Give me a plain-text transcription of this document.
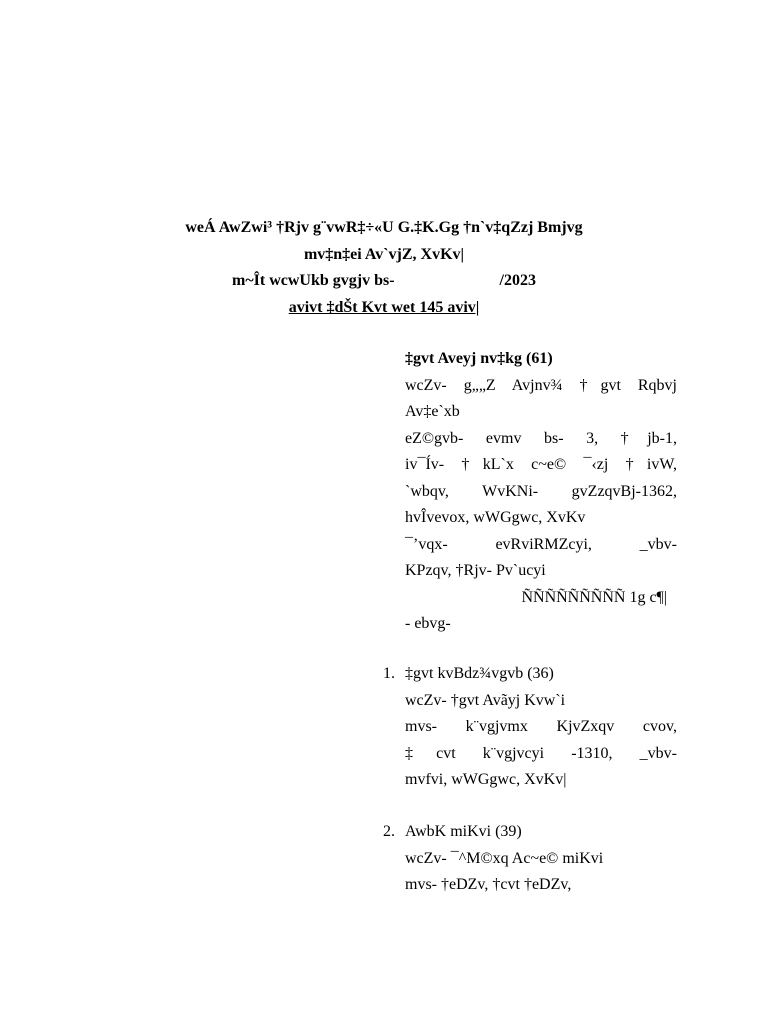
weÁ AwZwi³ †Rjv g¨vwR‡÷«U G.‡K.Gg †n`v‡qZzj Bmjvg
mv‡n‡ei Av`vjZ, XvKv|
m~Ît wcwUkb gvgjv bs-	/2023
avivt ‡dŠt Kvt wet 145 aviv|
‡gvt Aveyj nv‡kg (61)
wcZv- g„„Z Avjnv¾ †gvt Rqbvj
Av‡e`xb
eZ©gvb- evmv bs- 3, †jb-1,
iv¯Ív- †kL`x c~e© ¯‹zj †ivW,
`wbqv, WvKNi- gvZzqvBj-1362,
hvÎvevox, wWGgwc, XvKv
¯’vqx- evRviRMZcyi, _vbv-
KPzqv, †Rjv- Pv`ucyi
ÑÑÑÑÑÑÑÑÑ 1g c¶|
- ebvg-
1. ‡gvt kvBdz¾vgvb (36)
wcZv- †gvt Avãyj Kvw`i
mvs- k¨vgjvmx KjvZxqv cvov,
‡cvt k¨vgjvcyi -1310, _vbv-
mvfvi, wWGgwc, XvKv|
2. AwbK miKvi (39)
wcZv- ¯^M©xq Ac~e© miKvi
mvs- †eDZv, †cvt †eDZv,
